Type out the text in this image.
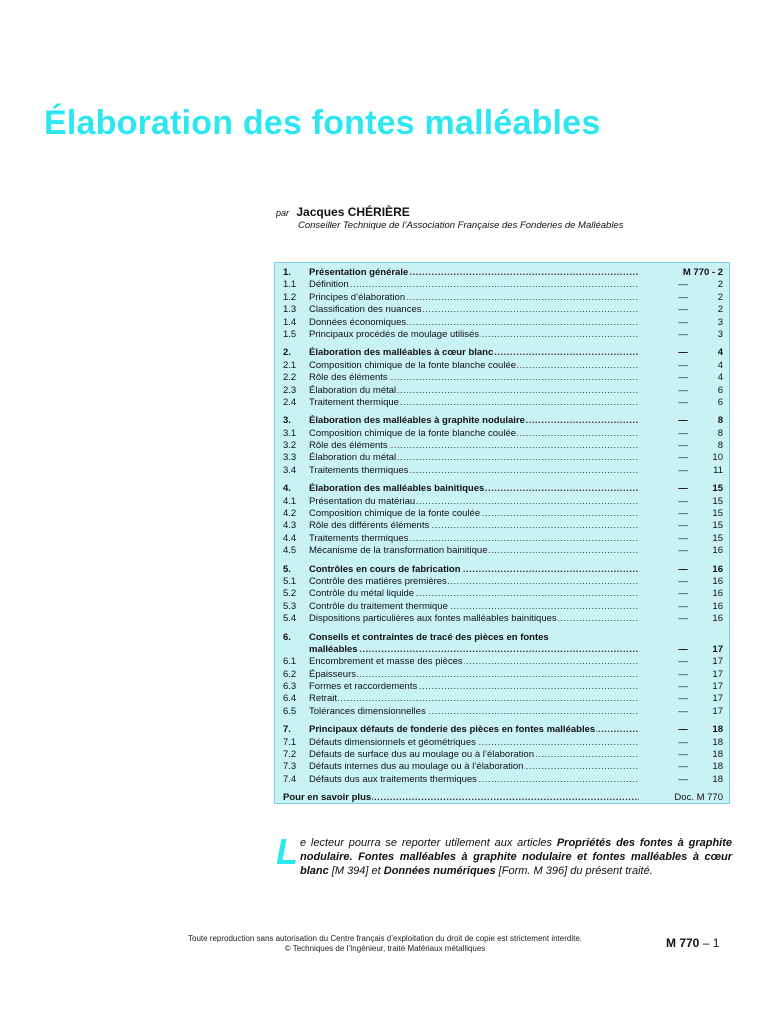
Élaboration des fontes malléables
par Jacques CHÉRIÈRE
Conseiller Technique de l’Association Française des Fonderies de Malléables
1.	Présentation générale .....	M 770 - 2
1.1	Définition .....	—	2
1.2	Principes d’élaboration .....	—	2
1.3	Classification des nuances .....	—	2
1.4	Données économiques .....	—	3
1.5	Principaux procédés de moulage utilisés .....	—	3
2.	Élaboration des malléables à cœur blanc .....	—	4
2.1	Composition chimique de la fonte blanche coulée .....	—	4
2.2	Rôle des éléments .....	—	4
2.3	Élaboration du métal .....	—	6
2.4	Traitement thermique .....	—	6
3.	Élaboration des malléables à graphite nodulaire .....	—	8
3.1	Composition chimique de la fonte blanche coulée .....	—	8
3.2	Rôle des éléments .....	—	8
3.3	Élaboration du métal .....	—	10
3.4	Traitements thermiques .....	—	11
4.	Élaboration des malléables bainitiques .....	—	15
4.1	Présentation du matériau .....	—	15
4.2	Composition chimique de la fonte coulée .....	—	15
4.3	Rôle des différents éléments .....	—	15
4.4	Traitements thermiques .....	—	15
4.5	Mécanisme de la transformation bainitique .....	—	16
5.	Contrôles en cours de fabrication .....	—	16
5.1	Contrôle des matières premières .....	—	16
5.2	Contrôle du métal liquide .....	—	16
5.3	Contrôle du traitement thermique .....	—	16
5.4	Dispositions particulières aux fontes malléables bainitiques .....	—	16
6.	Conseils et contraintes de tracé des pièces en fontes
malléables .....	—	17
6.1	Encombrement et masse des pièces .....	—	17
6.2	Épaisseurs .....	—	17
6.3	Formes et raccordements .....	—	17
6.4	Retrait .....	—	17
6.5	Tolérances dimensionnelles .....	—	17
7.	Principaux défauts de fonderie des pièces en fontes malléables .....	—	18
7.1	Défauts dimensionnels et géométriques .....	—	18
7.2	Défauts de surface dus au moulage ou à l’élaboration .....	—	18
7.3	Défauts internes dus au moulage ou à l’élaboration .....	—	18
7.4	Défauts dus aux traitements thermiques .....	—	18
Pour en savoir plus .....	Doc. M 770
Le lecteur pourra se reporter utilement aux articles Propriétés des fontes à graphite nodulaire. Fontes malléables à graphite nodulaire et fontes malléables à cœur blanc [M 394] et Données numériques [Form. M 396] du présent traité.
Toute reproduction sans autorisation du Centre français d’exploitation du droit de copie est strictement interdite.
© Techniques de l’Ingénieur, traité Matériaux métalliques	M 770 – 1
